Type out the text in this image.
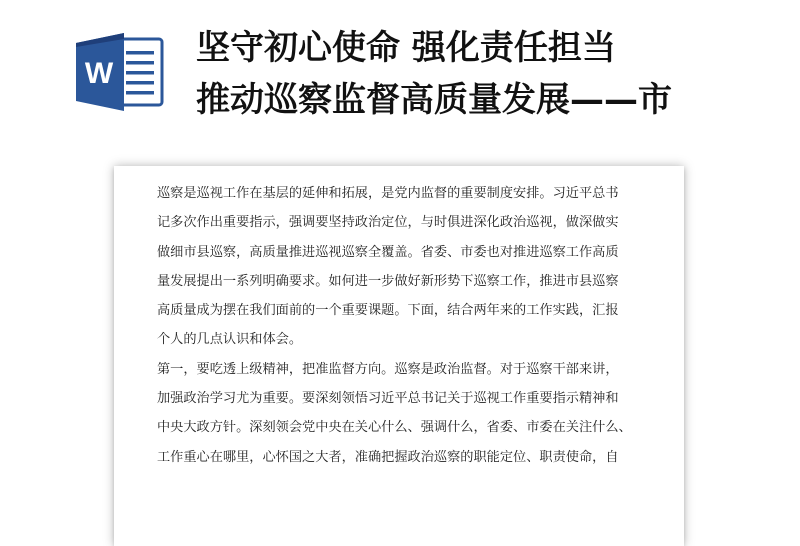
W
坚守初心使命 强化责任担当
推动巡察监督高质量发展——市
巡察是巡视工作在基层的延伸和拓展，是党内监督的重要制度安排。习近平总书
记多次作出重要指示，强调要坚持政治定位，与时俱进深化政治巡视，做深做实
做细市县巡察，高质量推进巡视巡察全覆盖。省委、市委也对推进巡察工作高质
量发展提出一系列明确要求。如何进一步做好新形势下巡察工作，推进市县巡察
高质量成为摆在我们面前的一个重要课题。下面，结合两年来的工作实践，汇报
个人的几点认识和体会。
第一，要吃透上级精神，把准监督方向。巡察是政治监督。对于巡察干部来讲，
加强政治学习尤为重要。要深刻领悟习近平总书记关于巡视工作重要指示精神和
中央大政方针。深刻领会党中央在关心什么、强调什么，省委、市委在关注什么、
工作重心在哪里，心怀国之大者，准确把握政治巡察的职能定位、职责使命，自
